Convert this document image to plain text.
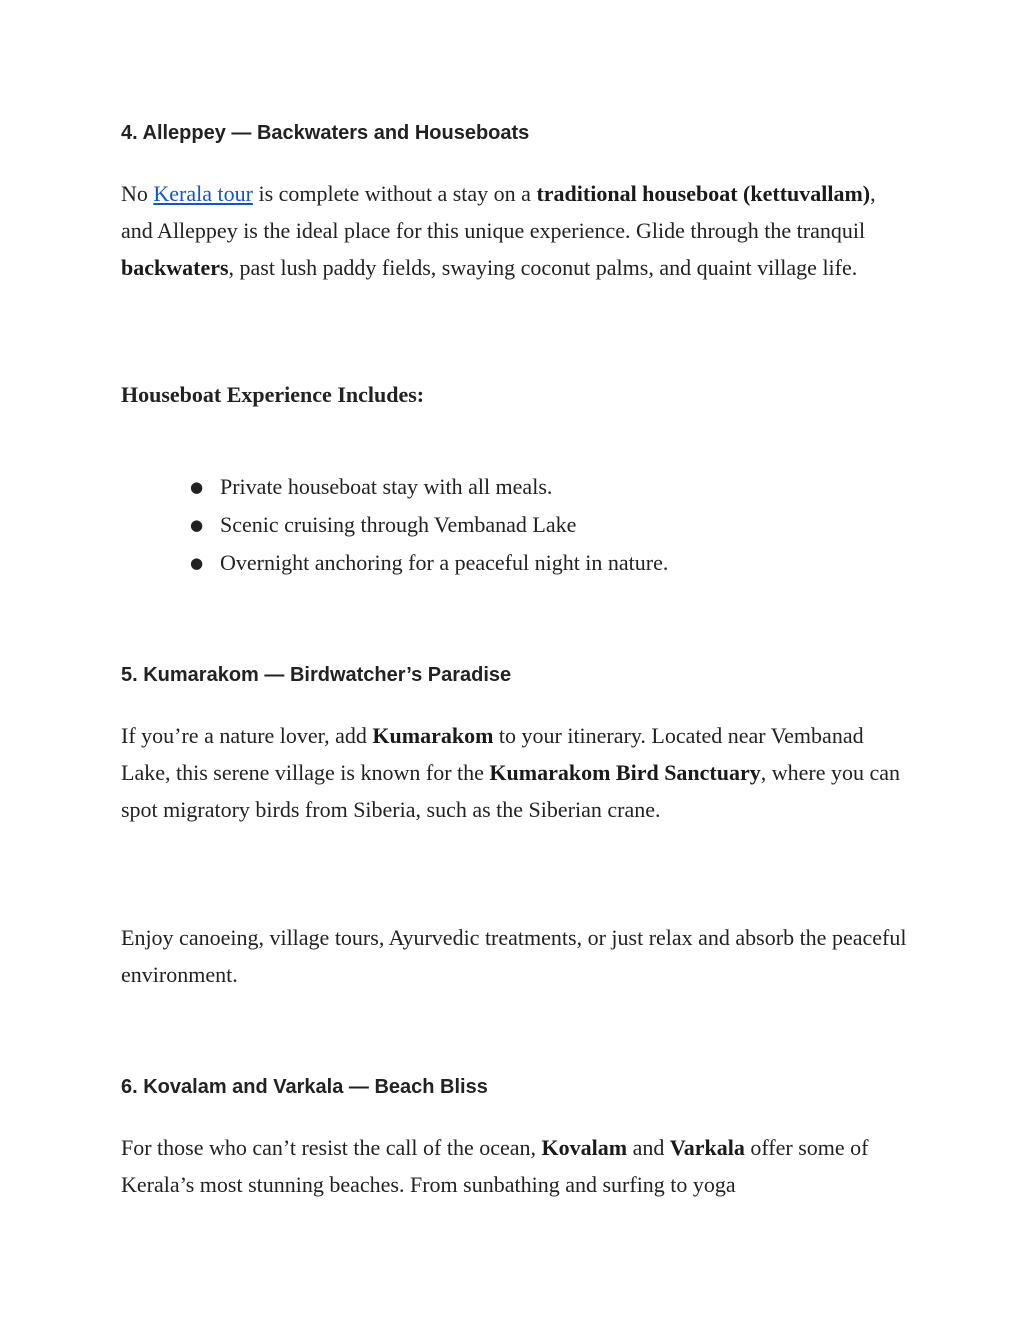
4. Alleppey — Backwaters and Houseboats

No Kerala tour is complete without a stay on a traditional houseboat (kettuvallam), and Alleppey is the ideal place for this unique experience. Glide through the tranquil backwaters, past lush paddy fields, swaying coconut palms, and quaint village life.

Houseboat Experience Includes:
● Private houseboat stay with all meals.
● Scenic cruising through Vembanad Lake
● Overnight anchoring for a peaceful night in nature.
5. Kumarakom — Birdwatcher’s Paradise

If you’re a nature lover, add Kumarakom to your itinerary. Located near Vembanad Lake, this serene village is known for the Kumarakom Bird Sanctuary, where you can spot migratory birds from Siberia, such as the Siberian crane.

Enjoy canoeing, village tours, Ayurvedic treatments, or just relax and absorb the peaceful environment.

6. Kovalam and Varkala — Beach Bliss

For those who can’t resist the call of the ocean, Kovalam and Varkala offer some of Kerala’s most stunning beaches. From sunbathing and surfing to yoga
